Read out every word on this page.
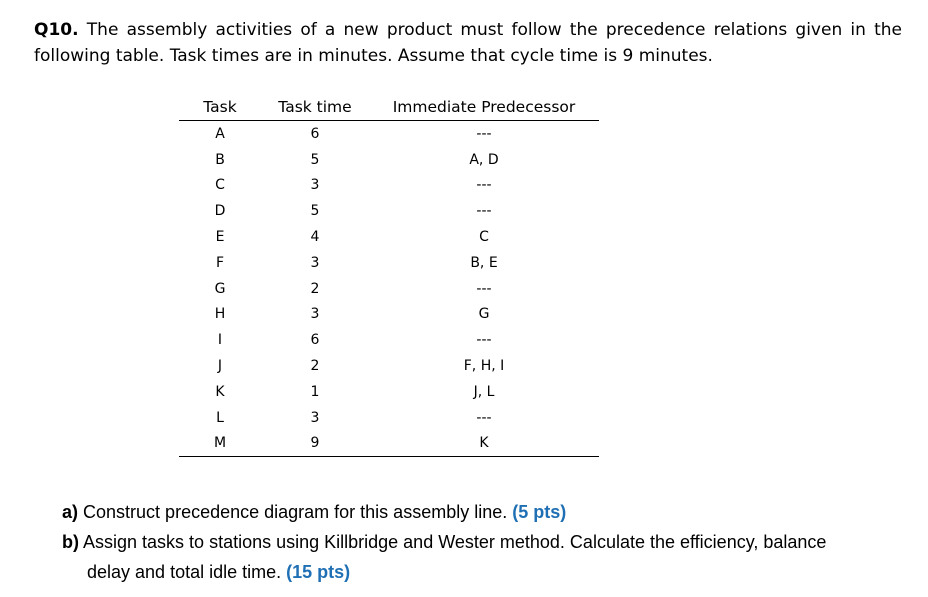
Q10. The assembly activities of a new product must follow the precedence relations given in the following table. Task times are in minutes. Assume that cycle time is 9 minutes.
Task	Task time	Immediate Predecessor
A	6	---
B	5	A, D
C	3	---
D	5	---
E	4	C
F	3	B, E
G	2	---
H	3	G
I	6	---
J	2	F, H, I
K	1	J, L
L	3	---
M	9	K

a) Construct precedence diagram for this assembly line. (5 pts)

b) Assign tasks to stations using Killbridge and Wester method. Calculate the efficiency, balance
delay and total idle time. (15 pts)
